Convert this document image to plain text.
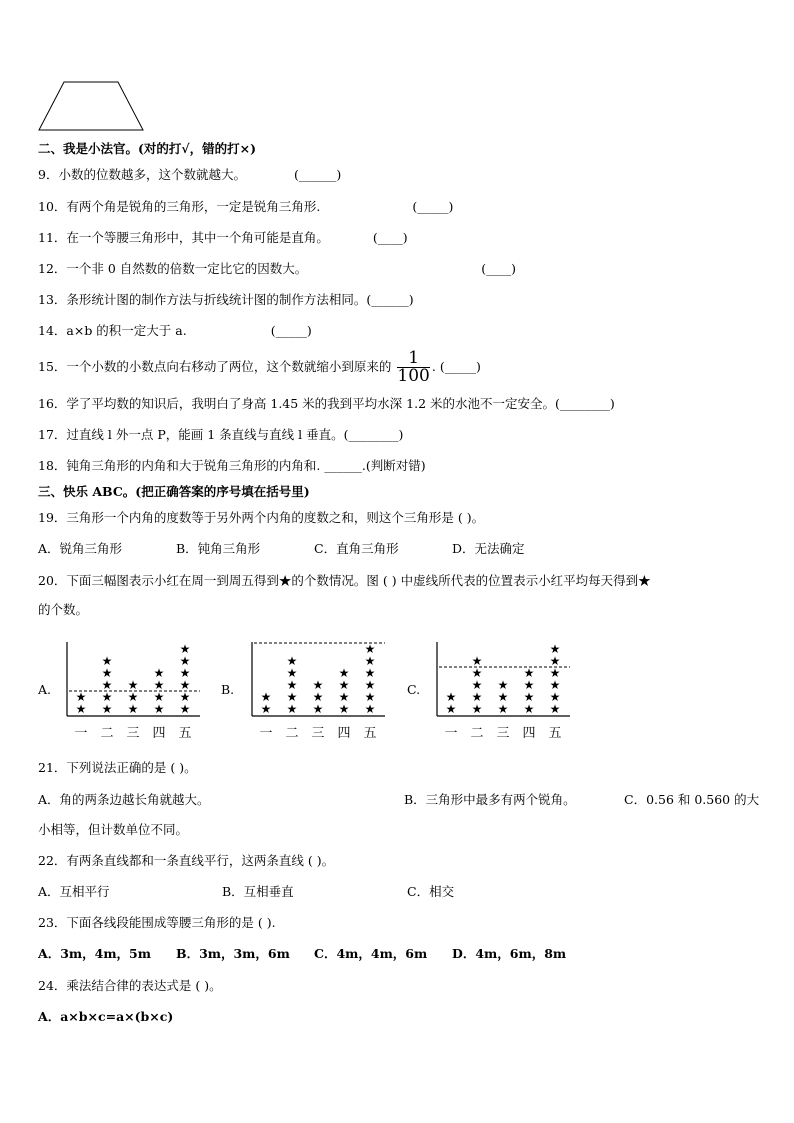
二、我是小法官。(对的打√，错的打×)
9．小数的位数越多，这个数就越大。	(______)
10．有两个角是锐角的三角形，一定是锐角三角形.	(_____)
11．在一个等腰三角形中，其中一个角可能是直角。	(____)
12．一个非 0 自然数的倍数一定比它的因数大。	(____)
13．条形统计图的制作方法与折线统计图的制作方法相同。(______)
14．a×b 的积一定大于 a.	(_____)
15．一个小数的小数点向右移动了两位，这个数就缩小到原来的 $\frac{1}{100}$ . (_____)
16．学了平均数的知识后，我明白了身高 1.45 米的我到平均水深 1.2 米的水池不一定安全。(________)
17．过直线 l 外一点 P，能画 1 条直线与直线 l 垂直。(________)
18．钝角三角形的内角和大于锐角三角形的内角和. ______.(判断对错)
三、快乐 ABC。(把正确答案的序号填在括号里)
19．三角形一个内角的度数等于另外两个内角的度数之和，则这个三角形是 ( )。
A．锐角三角形	B．钝角三角形	C．直角三角形	D．无法确定
20．下面三幅图表示小红在周一到周五得到★的个数情况。图 ( ) 中虚线所代表的位置表示小红平均每天得到★
的个数。
A.
★
★
一
★
★
★
★
★
二
★
★
★
三
★
★
★
★
四
★
★
★
★
★
★
五
B.
★
★
一
★
★
★
★
★
二
★
★
★
三
★
★
★
★
四
★
★
★
★
★
★
五
C.
★
★
一
★
★
★
★
★
二
★
★
★
三
★
★
★
★
四
★
★
★
★
★
★
五
21．下列说法正确的是 ( )。
A．角的两条边越长角就越大。	B．三角形中最多有两个锐角。	C．0.56 和 0.560 的大
小相等，但计数单位不同。
22．有两条直线都和一条直线平行，这两条直线 ( )。
A．互相平行	B．互相垂直	C．相交
23．下面各线段能围成等腰三角形的是 ( ).
A．3m，4m，5m B．3m，3m，6m C．4m，4m，6m D．4m，6m，8m
24．乘法结合律的表达式是 ( )。
A．a×b×c=a×(b×c)
